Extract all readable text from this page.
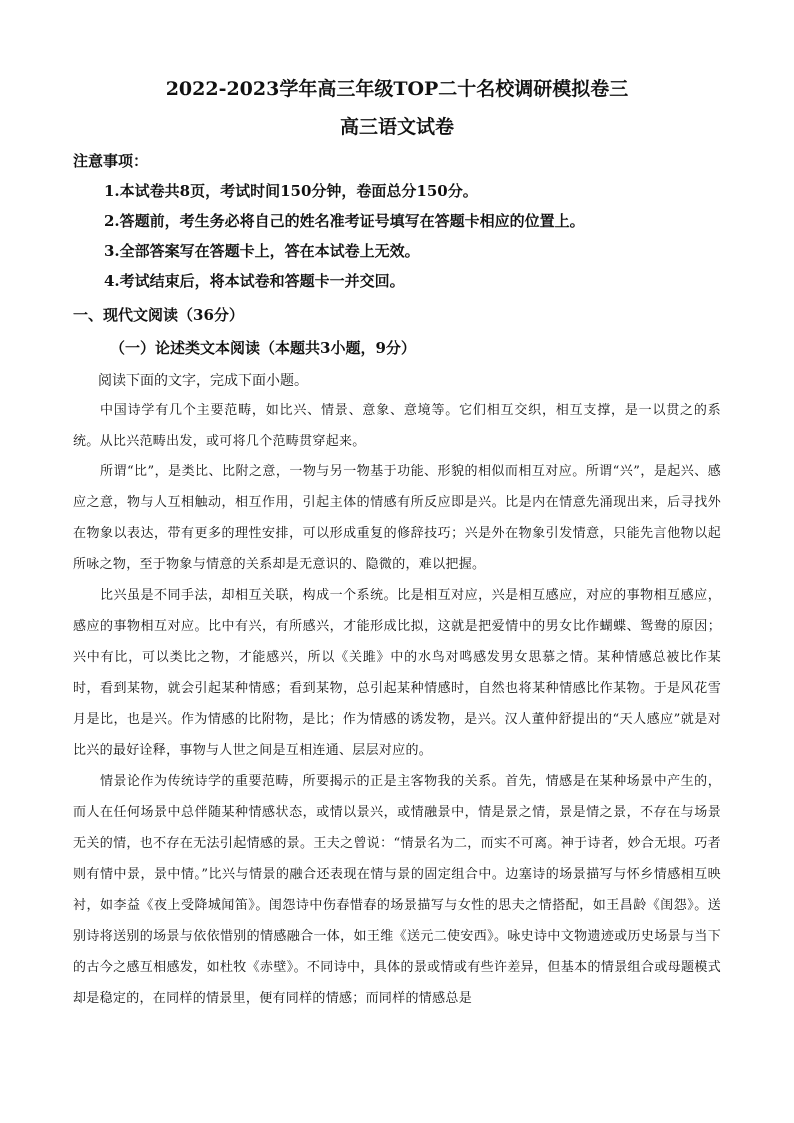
2022-2023学年高三年级TOP二十名校调研模拟卷三
高三语文试卷
注意事项：
1.本试卷共8页，考试时间150分钟，卷面总分150分。
2.答题前，考生务必将自己的姓名准考证号填写在答题卡相应的位置上。
3.全部答案写在答题卡上，答在本试卷上无效。
4.考试结束后，将本试卷和答题卡一并交回。
一、现代文阅读（36分）
（一）论述类文本阅读（本题共3小题，9分）
阅读下面的文字，完成下面小题。
中国诗学有几个主要范畴，如比兴、情景、意象、意境等。它们相互交织，相互支撑，是一以贯之的系统。从比兴范畴出发，或可将几个范畴贯穿起来。
所谓“比”，是类比、比附之意，一物与另一物基于功能、形貌的相似而相互对应。所谓“兴”，是起兴、感应之意，物与人互相触动，相互作用，引起主体的情感有所反应即是兴。比是内在情意先涌现出来，后寻找外在物象以表达，带有更多的理性安排，可以形成重复的修辞技巧；兴是外在物象引发情意，只能先言他物以起所咏之物，至于物象与情意的关系却是无意识的、隐微的，难以把握。
比兴虽是不同手法，却相互关联，构成一个系统。比是相互对应，兴是相互感应，对应的事物相互感应，感应的事物相互对应。比中有兴，有所感兴，才能形成比拟，这就是把爱情中的男女比作蝴蝶、鸳鸯的原因；兴中有比，可以类比之物，才能感兴，所以《关雎》中的水鸟对鸣感发男女思慕之情。某种情感总被比作某时，看到某物，就会引起某种情感；看到某物，总引起某种情感时，自然也将某种情感比作某物。于是风花雪月是比，也是兴。作为情感的比附物，是比；作为情感的诱发物，是兴。汉人董仲舒提出的“天人感应”就是对比兴的最好诠释，事物与人世之间是互相连通、层层对应的。
情景论作为传统诗学的重要范畴，所要揭示的正是主客物我的关系。首先，情感是在某种场景中产生的，而人在任何场景中总伴随某种情感状态，或情以景兴，或情融景中，情是景之情，景是情之景，不存在与场景无关的情，也不存在无法引起情感的景。王夫之曾说：“情景名为二，而实不可离。神于诗者，妙合无垠。巧者则有情中景，景中情。”比兴与情景的融合还表现在情与景的固定组合中。边塞诗的场景描写与怀乡情感相互映衬，如李益《夜上受降城闻笛》。闺怨诗中伤春惜春的场景描写与女性的思夫之情搭配，如王昌龄《闺怨》。送别诗将送别的场景与依依惜别的情感融合一体，如王维《送元二使安西》。咏史诗中文物遗迹或历史场景与当下的古今之感互相感发，如杜牧《赤壁》。不同诗中，具体的景或情或有些许差异，但基本的情景组合或母题模式却是稳定的，在同样的情景里，便有同样的情感；而同样的情感总是
